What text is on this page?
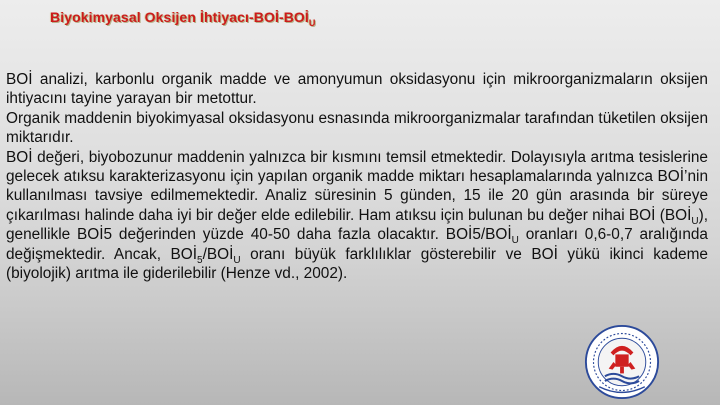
Biyokimyasal Oksijen İhtiyacı-$BOİ-BOİ_U$

BOİ analizi, karbonlu organik madde ve amonyumun oksidasyonu için mikroorganizmaların oksijen ihtiyacını tayine yarayan bir metottur.

Organik maddenin biyokimyasal oksidasyonu esnasında mikroorganizmalar tarafından tüketilen oksijen miktarıdır.

BOİ değeri, biyobozunur maddenin yalnızca bir kısmını temsil etmektedir. Dolayısıyla arıtma tesislerine gelecek atıksu karakterizasyonu için yapılan organik madde miktarı hesaplamalarında yalnızca BOİ’nin kullanılması tavsiye edilmemektedir. Analiz süresinin 5 günden, 15 ile 20 gün arasında bir süreye çıkarılması halinde daha iyi bir değer elde edilebilir. Ham atıksu için bulunan bu değer nihai BOİ $(BOİ_U)$, genellikle BOİ5 değerinden yüzde 40-50 daha fazla olacaktır. $BOİ5/BOİ_U$ oranları 0,6-0,7 aralığında değişmektedir. Ancak, $BOİ_5/BOİ_U$ oranı büyük farklılıklar gösterebilir ve BOİ yükü ikinci kademe (biyolojik) arıtma ile giderilebilir (Henze vd., 2002).
